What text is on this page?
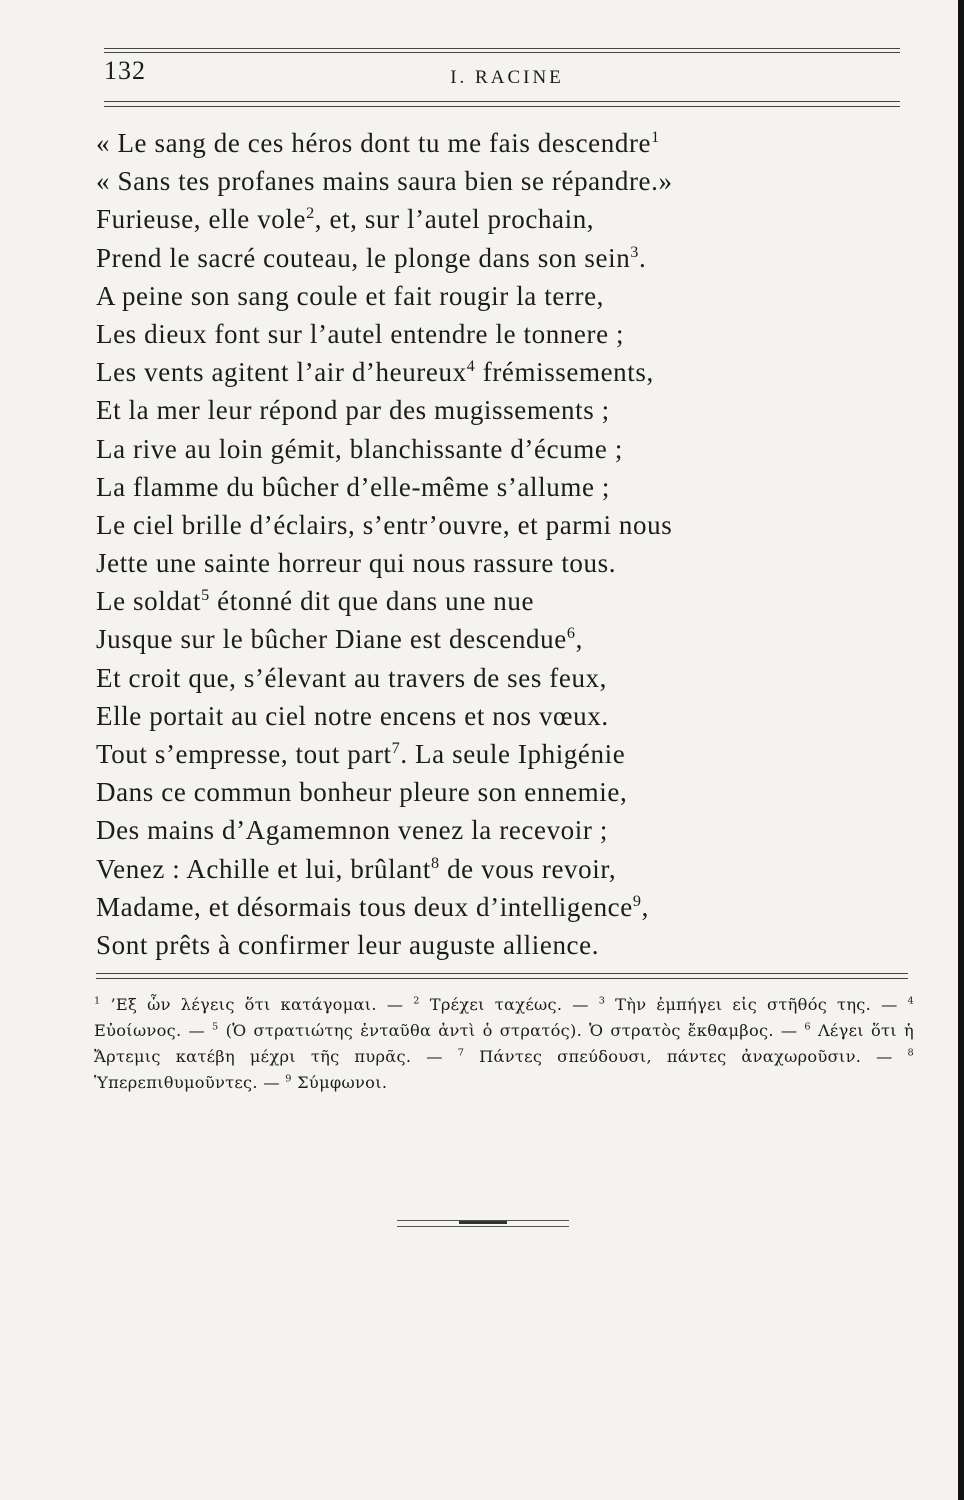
132	I. RACINE
« Le sang de ces héros dont tu me fais descendre$^1$
« Sans tes profanes mains saura bien se répandre.»
Furieuse, elle vole$^2$, et, sur l’autel prochain,
Prend le sacré couteau, le plonge dans son sein$^3$.
A peine son sang coule et fait rougir la terre,
Les dieux font sur l’autel entendre le tonnere ;
Les vents agitent l’air d’heureux$^4$ frémissements,
Et la mer leur répond par des mugissements ;
La rive au loin gémit, blanchissante d’écume ;
La flamme du bûcher d’elle-même s’allume ;
Le ciel brille d’éclairs, s’entr’ouvre, et parmi nous
Jette une sainte horreur qui nous rassure tous.
Le soldat$^5$ étonné dit que dans une nue
Jusque sur le bûcher Diane est descendue$^6$,
Et croit que, s’élevant au travers de ses feux,
Elle portait au ciel notre encens et nos vœux.
Tout s’empresse, tout part$^7$. La seule Iphigénie
Dans ce commun bonheur pleure son ennemie,
Des mains d’Agamemnon venez la recevoir ;
Venez : Achille et lui, brûlant$^8$ de vous revoir,
Madame, et désormais tous deux d’intelligence$^9$,
Sont prêts à confirmer leur auguste allience.
$^1$ ’Εξ ὧν λέγεις ὅτι κατάγομαι. — $^2$ Τρέχει ταχέως. — $^3$ Τὴν ἐμπήγει εἰς στῆθός της. — $^4$ Εὐοίωνος. — $^5$ (Ὁ στρατιώτης ἐνταῦθα ἀντὶ ὁ στρατός). Ὁ στρατὸς ἔκθαμβος. — $^6$ Λέγει ὅτι ἡ Ἄρτεμις κατέβη μέχρι τῆς πυρᾶς. — $^7$ Πάντες σπεύδουσι, πάντες ἀναχωροῦσιν. — $^8$ Ὑπερεπιθυμοῦντες. — $^9$ Σύμφωνοι.
